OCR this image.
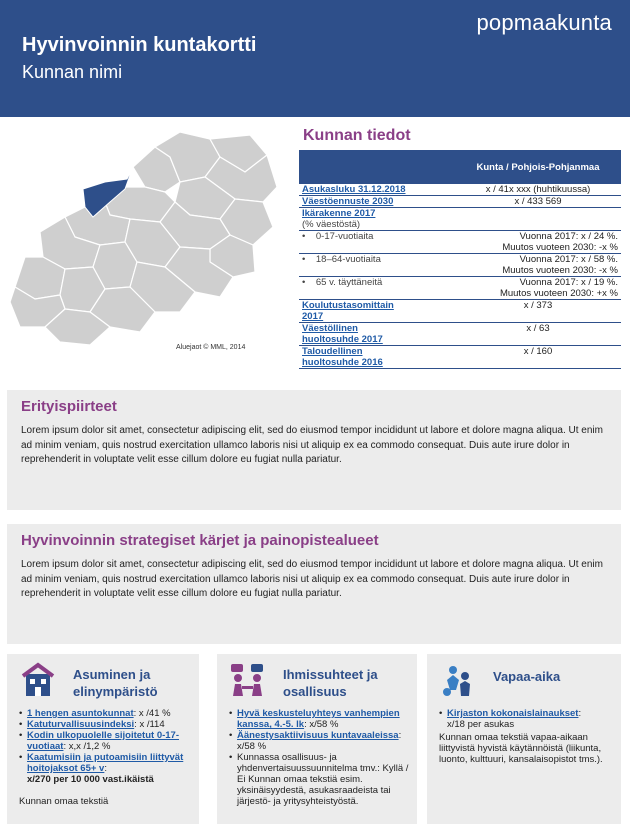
Hyvinvoinnin kuntakortti
Kunnan nimi
popmaakunta
Aluejaot © MML, 2014
Kunnan tiedot
	Kunta / Pohjois-Pohjanmaa
Asukasluku 31.12.2018	x / 41x xxx (huhtikuussa)
Väestöennuste 2030	x / 433 569
Ikärakenne 2017
(% väestöstä)	
•    0-17-vuotiaita	Vuonna 2017: x / 24 %.
Muutos vuoteen 2030: -x %
•    18–64-vuotiaita	Vuonna 2017: x / 58 %.
Muutos vuoteen 2030: -x %
•    65 v. täyttäneitä	Vuonna 2017: x / 19 %.
Muutos vuoteen 2030: +x %
Koulutustasomittain
2017	x / 373
Väestöllinen
huoltosuhde 2017	x / 63
Taloudellinen
huoltosuhde 2016	x / 160
Erityispiirteet

Lorem ipsum dolor sit amet, consectetur adipiscing elit, sed do eiusmod tempor incididunt ut labore et dolore magna aliqua. Ut enim ad minim veniam, quis nostrud exercitation ullamco laboris nisi ut aliquip ex ea commodo consequat. Duis aute irure dolor in reprehenderit in voluptate velit esse cillum dolore eu fugiat nulla pariatur.

Hyvinvoinnin strategiset kärjet ja painopistealueet

Lorem ipsum dolor sit amet, consectetur adipiscing elit, sed do eiusmod tempor incididunt ut labore et dolore magna aliqua. Ut enim ad minim veniam, quis nostrud exercitation ullamco laboris nisi ut aliquip ex ea commodo consequat. Duis aute irure dolor in reprehenderit in voluptate velit esse cillum dolore eu fugiat nulla pariatur.

Asuminen ja
elinympäristö
• 1 hengen asuntokunnat: x /41 %
• Katuturvallisuusindeksi: x /114
• Kodin ulkopuolelle sijoitetut 0-17-vuotiaat: x,x /1,2 %
• Kaatumisiin ja putoamisiin liittyvät hoitojaksot 65+ v:
x/270 per 10 000 vast.ikäistä
Kunnan omaa tekstiä
Ihmissuhteet ja
osallisuus
• Hyvä keskusteluyhteys vanhempien kanssa, 4.-5. lk: x/58 %
• Äänestysaktiivisuus kuntavaaleissa: x/58 %
• Kunnassa osallisuus- ja yhdenvertaisuussuunnitelma tmv.: Kyllä / Ei Kunnan omaa tekstiä esim. yksinäisyydestä, asukasraadeista tai järjestö- ja yritysyhteistyöstä.
Vapaa-aika
• Kirjaston kokonaislainaukset:
x/18 per asukas
Kunnan omaa tekstiä vapaa-aikaan liittyvistä hyvistä käytännöistä (liikunta, luonto, kulttuuri, kansalaisopistot tms.).
